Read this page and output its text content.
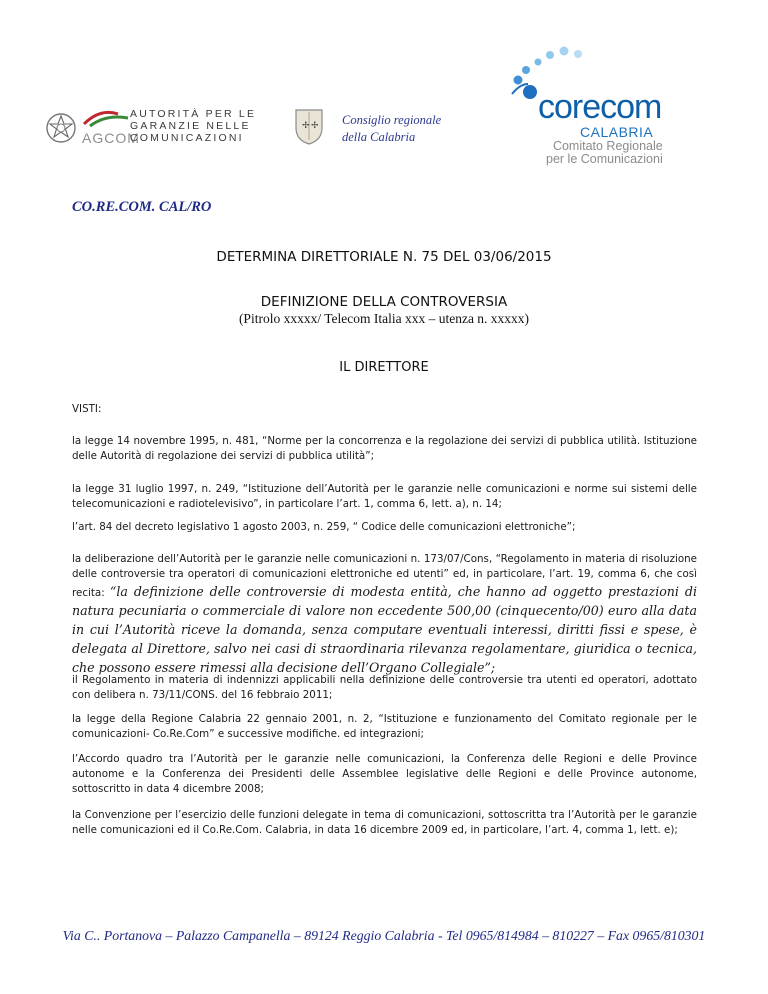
AGCOM
AUTORITÀ PER LE
GARANZIE NELLE
COMUNICAZIONI
✢ ✢ Consiglio regionale
della Calabria
corecom
CALABRIA
Comitato Regionale
per le Comunicazioni
CO.RE.COM. CAL/RO
DETERMINA DIRETTORIALE N. 75 DEL 03/06/2015
DEFINIZIONE DELLA CONTROVERSIA
(Pitrolo xxxxx/ Telecom Italia xxx – utenza n. xxxxx)
IL DIRETTORE
VISTI:

la legge 14 novembre 1995, n. 481, “Norme per la concorrenza e la regolazione dei servizi di pubblica utilità. Istituzione delle Autorità di regolazione dei servizi di pubblica utilità”;

la legge 31 luglio 1997, n. 249, “Istituzione dell’Autorità per le garanzie nelle comunicazioni e norme sui sistemi delle telecomunicazioni e radiotelevisivo”, in particolare l’art. 1, comma 6, lett. a), n. 14;

l’art. 84 del decreto legislativo 1 agosto 2003, n. 259, “ Codice delle comunicazioni elettroniche”;

la deliberazione dell’Autorità per le garanzie nelle comunicazioni n. 173/07/Cons, “Regolamento in materia di risoluzione delle controversie tra operatori di comunicazioni elettroniche ed utenti” ed, in particolare, l’art. 19, comma 6, che così recita: “la definizione delle controversie di modesta entità, che hanno ad oggetto prestazioni di natura pecuniaria o commerciale di valore non eccedente 500,00 (cinquecento/00) euro alla data in cui l’Autorità riceve la domanda, senza computare eventuali interessi, diritti fissi e spese, è delegata al Direttore, salvo nei casi di straordinaria rilevanza regolamentare, giuridica o tecnica, che possono essere rimessi alla decisione dell’Organo Collegiale”;

il Regolamento in materia di indennizzi applicabili nella definizione delle controversie tra utenti ed operatori, adottato con delibera n. 73/11/CONS. del 16 febbraio 2011;

la legge della Regione Calabria 22 gennaio 2001, n. 2, “Istituzione e funzionamento del Comitato regionale per le comunicazioni- Co.Re.Com” e successive modifiche. ed integrazioni;

l’Accordo quadro tra l’Autorità per le garanzie nelle comunicazioni, la Conferenza delle Regioni e delle Province autonome e la Conferenza dei Presidenti delle Assemblee legislative delle Regioni e delle Province autonome, sottoscritto in data 4 dicembre 2008;

la Convenzione per l’esercizio delle funzioni delegate in tema di comunicazioni, sottoscritta tra l’Autorità per le garanzie nelle comunicazioni ed il Co.Re.Com. Calabria, in data 16 dicembre 2009 ed, in particolare, l’art. 4, comma 1, lett. e);

Via C.. Portanova – Palazzo Campanella – 89124 Reggio Calabria - Tel 0965/814984 – 810227 – Fax 0965/810301
